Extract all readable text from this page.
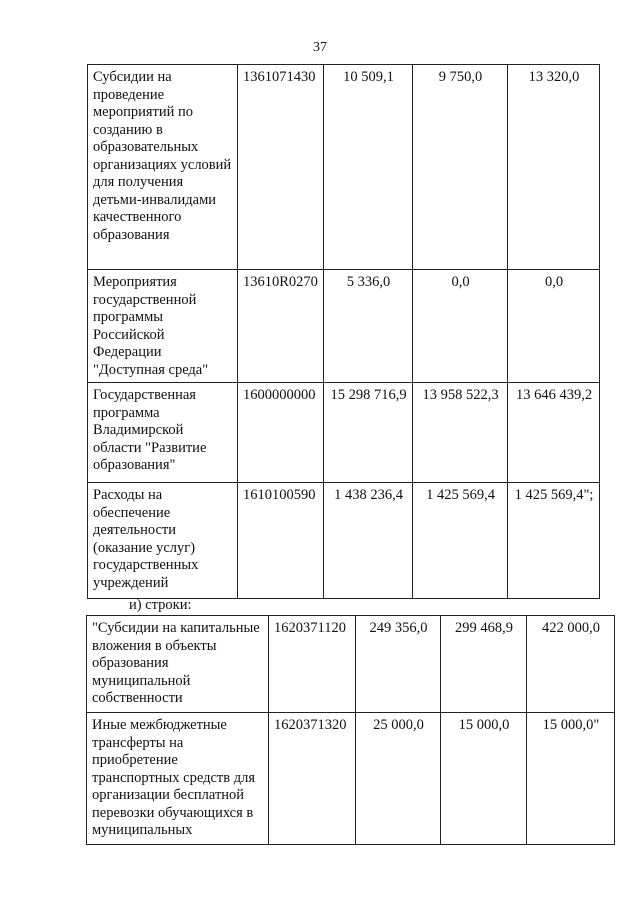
37
Субсидии на проведение мероприятий по созданию в образовательных организациях условий для получения детьми-инвалидами качественного образования	1361071430	10 509,1	9 750,0	13 320,0
Мероприятия государственной программы Российской Федерации "Доступная среда"	13610R0270	5 336,0	0,0	0,0
Государственная программа Владимирской области "Развитие образования"	1600000000	15 298 716,9	13 958 522,3	13 646 439,2
Расходы на обеспечение деятельности (оказание услуг) государственных учреждений	1610100590	1 438 236,4	1 425 569,4	1 425 569,4";
и) строки:
"Субсидии на капитальные вложения в объекты образования муниципальной собственности	1620371120	249 356,0	299 468,9	422 000,0
Иные межбюджетные трансферты на приобретение транспортных средств для организации бесплатной перевозки обучающихся в муниципальных	1620371320	25 000,0	15 000,0	15 000,0"
